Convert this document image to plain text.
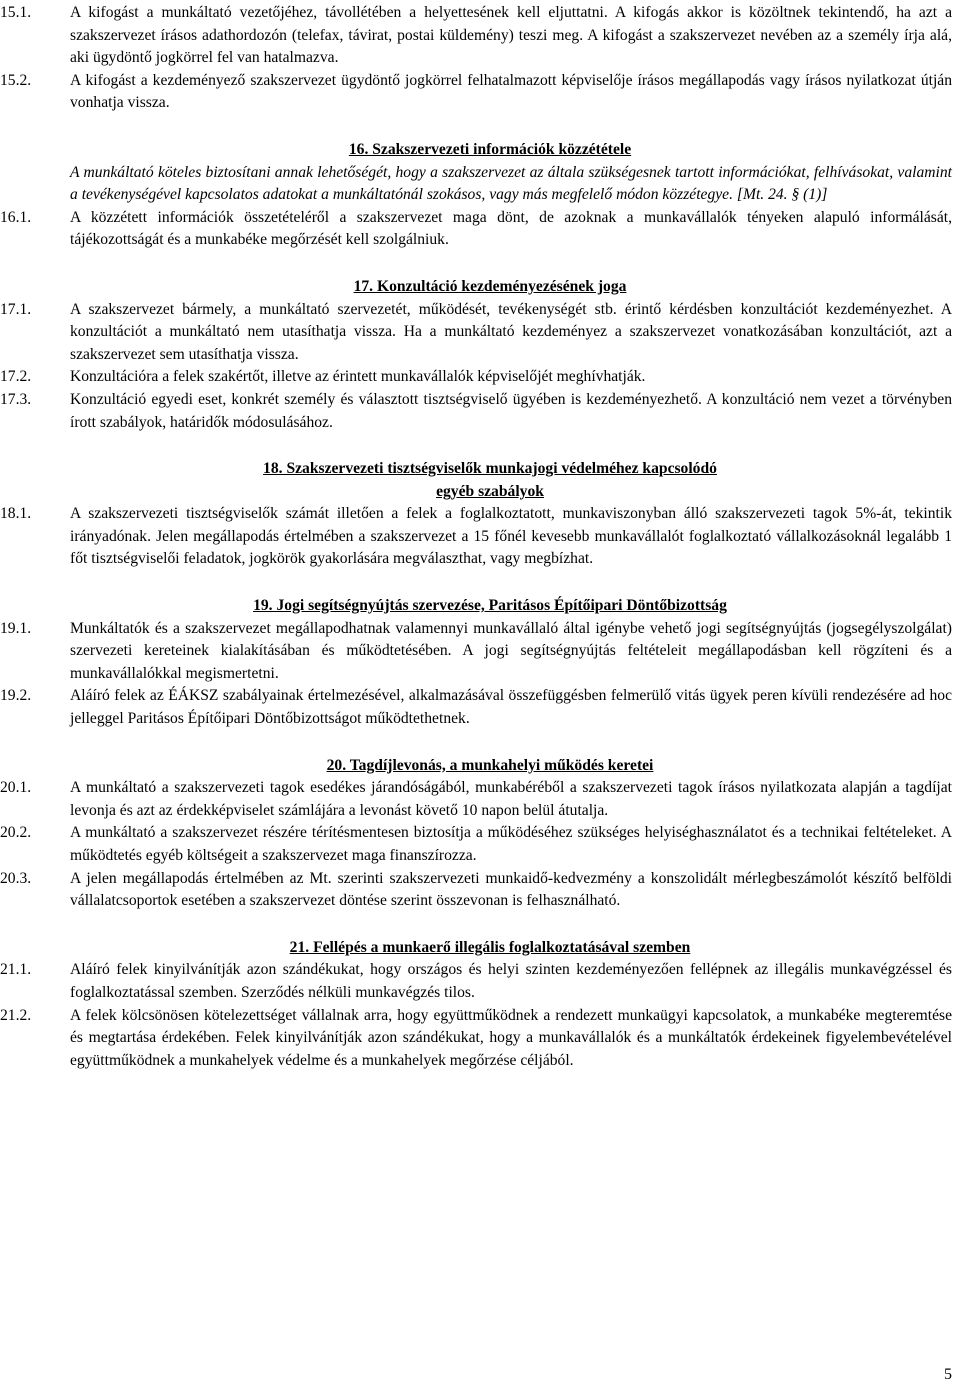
15.1. A kifogást a munkáltató vezetőjéhez, távollétében a helyettesének kell eljuttatni. A kifogás akkor is közöltnek tekintendő, ha azt a szakszervezet írásos adathordozón (telefax, távirat, postai küldemény) teszi meg. A kifogást a szakszervezet nevében az a személy írja alá, aki ügydöntő jogkörrel fel van hatalmazva.
15.2. A kifogást a kezdeményező szakszervezet ügydöntő jogkörrel felhatalmazott képviselője írásos megállapodás vagy írásos nyilatkozat útján vonhatja vissza.
16. Szakszervezeti információk közzététele
A munkáltató köteles biztosítani annak lehetőségét, hogy a szakszervezet az általa szükségesnek tartott információkat, felhívásokat, valamint a tevékenységével kapcsolatos adatokat a munkáltatónál szokásos, vagy más megfelelő módon közzétegye. [Mt. 24. § (1)]
16.1. A közzétett információk összetételéről a szakszervezet maga dönt, de azoknak a munkavállalók tényeken alapuló informálását, tájékozottságát és a munkabéke megőrzését kell szolgálniuk.
17. Konzultáció kezdeményezésének joga
17.1. A szakszervezet bármely, a munkáltató szervezetét, működését, tevékenységét stb. érintő kérdésben konzultációt kezdeményezhet. A konzultációt a munkáltató nem utasíthatja vissza. Ha a munkáltató kezdeményez a szakszervezet vonatkozásában konzultációt, azt a szakszervezet sem utasíthatja vissza.
17.2. Konzultációra a felek szakértőt, illetve az érintett munkavállalók képviselőjét meghívhatják.
17.3. Konzultáció egyedi eset, konkrét személy és választott tisztségviselő ügyében is kezdeményezhető. A konzultáció nem vezet a törvényben írott szabályok, határidők módosulásához.
18. Szakszervezeti tisztségviselők munkajogi védelméhez kapcsolódó
egyéb szabályok
18.1. A szakszervezeti tisztségviselők számát illetően a felek a foglalkoztatott, munkaviszonyban álló szakszervezeti tagok 5%-át, tekintik irányadónak. Jelen megállapodás értelmében a szakszervezet a 15 főnél kevesebb munkavállalót foglalkoztató vállalkozásoknál legalább 1 főt tisztségviselői feladatok, jogkörök gyakorlására megválaszthat, vagy megbízhat.
19. Jogi segítségnyújtás szervezése, Paritásos Építőipari Döntőbizottság
19.1. Munkáltatók és a szakszervezet megállapodhatnak valamennyi munkavállaló által igénybe vehető jogi segítségnyújtás (jogsegélyszolgálat) szervezeti kereteinek kialakításában és működtetésében. A jogi segítségnyújtás feltételeit megállapodásban kell rögzíteni és a munkavállalókkal megismertetni.
19.2. Aláíró felek az ÉÁKSZ szabályainak értelmezésével, alkalmazásával összefüggésben felmerülő vitás ügyek peren kívüli rendezésére ad hoc jelleggel Paritásos Építőipari Döntőbizottságot működtethetnek.
20. Tagdíjlevonás, a munkahelyi működés keretei
20.1. A munkáltató a szakszervezeti tagok esedékes járandóságából, munkabéréből a szakszervezeti tagok írásos nyilatkozata alapján a tagdíjat levonja és azt az érdekképviselet számlájára a levonást követő 10 napon belül átutalja.
20.2. A munkáltató a szakszervezet részére térítésmentesen biztosítja a működéséhez szükséges helyiséghasználatot és a technikai feltételeket. A működtetés egyéb költségeit a szakszervezet maga finanszírozza.
20.3. A jelen megállapodás értelmében az Mt. szerinti szakszervezeti munkaidő-kedvezmény a konszolidált mérlegbeszámolót készítő belföldi vállalatcsoportok esetében a szakszervezet döntése szerint összevonan is felhasználható.
21. Fellépés a munkaerő illegális foglalkoztatásával szemben
21.1. Aláíró felek kinyilvánítják azon szándékukat, hogy országos és helyi szinten kezdeményezően fellépnek az illegális munkavégzéssel és foglalkoztatással szemben. Szerződés nélküli munkavégzés tilos.
21.2. A felek kölcsönösen kötelezettséget vállalnak arra, hogy együttműködnek a rendezett munkaügyi kapcsolatok, a munkabéke megteremtése és megtartása érdekében. Felek kinyilvánítják azon szándékukat, hogy a munkavállalók és a munkáltatók érdekeinek figyelembevételével együttműködnek a munkahelyek védelme és a munkahelyek megőrzése céljából.
5
